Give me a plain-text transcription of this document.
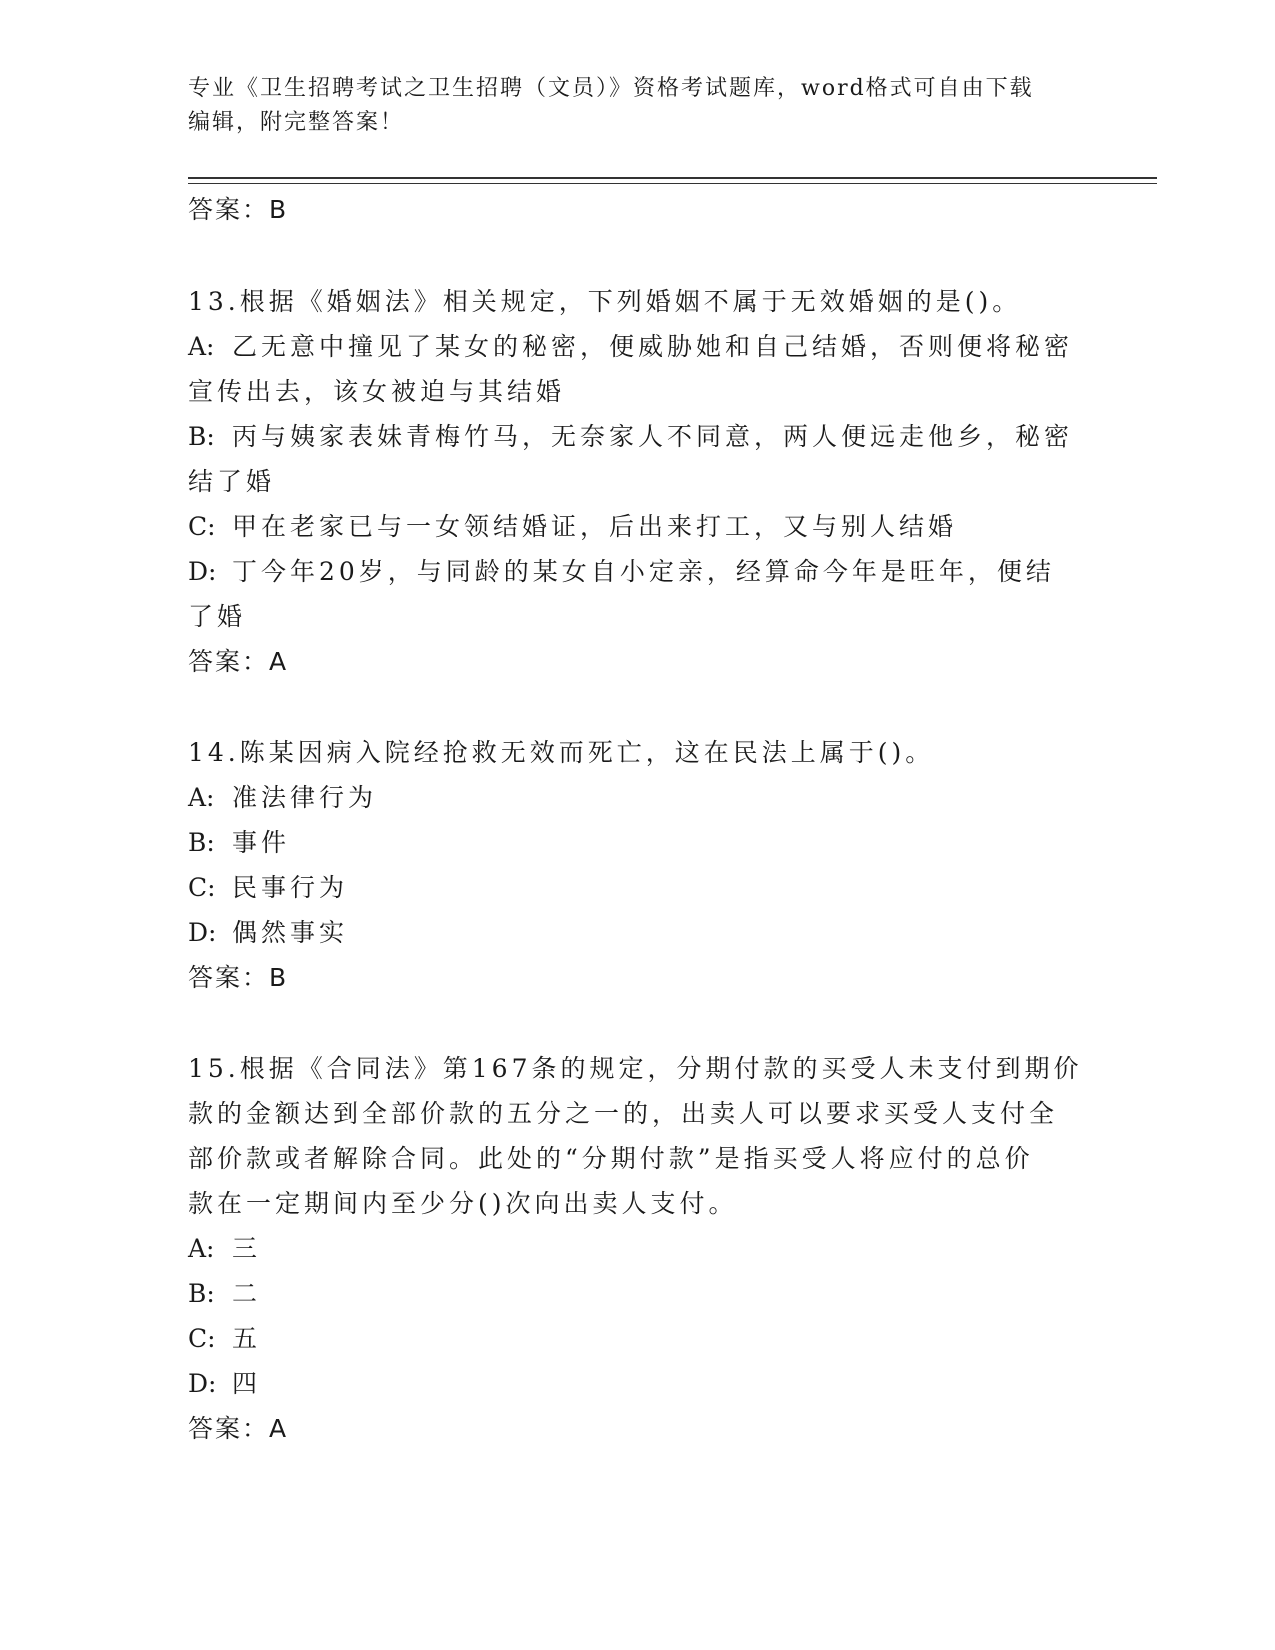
专业《卫生招聘考试之卫生招聘（文员）》资格考试题库，word格式可自由下载
编辑，附完整答案！
答案：B
13.根据《婚姻法》相关规定，下列婚姻不属于无效婚姻的是()。
A: 乙无意中撞见了某女的秘密，便威胁她和自己结婚，否则便将秘密
宣传出去，该女被迫与其结婚
B: 丙与姨家表妹青梅竹马，无奈家人不同意，两人便远走他乡，秘密
结了婚
C: 甲在老家已与一女领结婚证，后出来打工，又与别人结婚
D: 丁今年20岁，与同龄的某女自小定亲，经算命今年是旺年，便结
了婚
答案：A
14.陈某因病入院经抢救无效而死亡，这在民法上属于()。
A: 准法律行为
B: 事件
C: 民事行为
D: 偶然事实
答案：B
15.根据《合同法》第167条的规定，分期付款的买受人未支付到期价
款的金额达到全部价款的五分之一的，出卖人可以要求买受人支付全
部价款或者解除合同。此处的“分期付款”是指买受人将应付的总价
款在一定期间内至少分()次向出卖人支付。
A: 三
B: 二
C: 五
D: 四
答案：A
